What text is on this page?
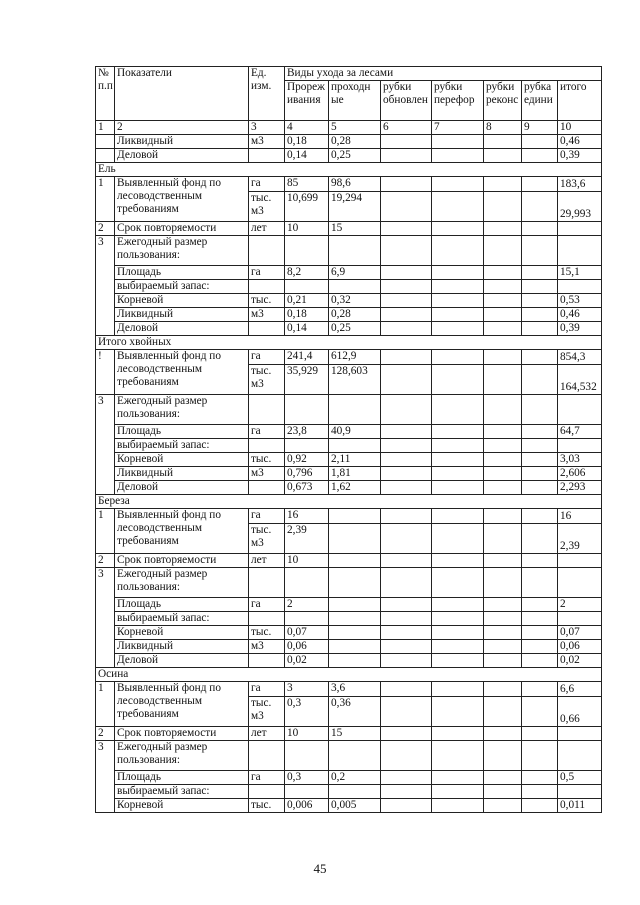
№ п.п	Показатели	Ед. изм.	Виды ухода за лесами						
			Прореж ивания	проходн ые	рубки обновлен	рубки перефор	рубки реконс	рубка едини	итого
1	2	3	4	5	6	7	8	9	10
	Ликвидный	м3	0,18	0,28					0,46
	Деловой		0,14	0,25					0,39
Ель									
1	Выявленный фонд по лесоводственным требованиям	га	85	98,6					183,6
		тыс. м3	10,699	19,294					29,993
2	Срок повторяемости	лет	10	15					
3	Ежегодный размер пользования:								
	Площадь	га	8,2	6,9					15,1
	выбираемый запас:								
	Корневой	тыс.	0,21	0,32					0,53
	Ликвидный	м3	0,18	0,28					0,46
	Деловой		0,14	0,25					0,39
Итого хвойных									
!	Выявленный фонд по лесоводственным требованиям	га	241,4	612,9					854,3
		тыс. м3	35,929	128,603					164,532
3	Ежегодный размер пользования:								
	Площадь	га	23,8	40,9					64,7
	выбираемый запас:								
	Корневой	тыс.	0,92	2,11					3,03
	Ликвидный	м3	0,796	1,81					2,606
	Деловой		0,673	1,62					2,293
Береза									
1	Выявленный фонд по лесоводственным требованиям	га	16						16
		тыс. м3	2,39						2,39
2	Срок повторяемости	лет	10						
3	Ежегодный размер пользования:								
	Площадь	га	2						2
	выбираемый запас:								
	Корневой	тыс.	0,07						0,07
	Ликвидный	м3	0,06						0,06
	Деловой		0,02						0,02
Осина									
1	Выявленный фонд по лесоводственным требованиям	га	3	3,6					6,6
		тыс. м3	0,3	0,36					0,66
2	Срок повторяемости	лет	10	15					
3	Ежегодный размер пользования:								
	Площадь	га	0,3	0,2					0,5
	выбираемый запас:								
	Корневой	тыс.	0,006	0,005					0,011
45
